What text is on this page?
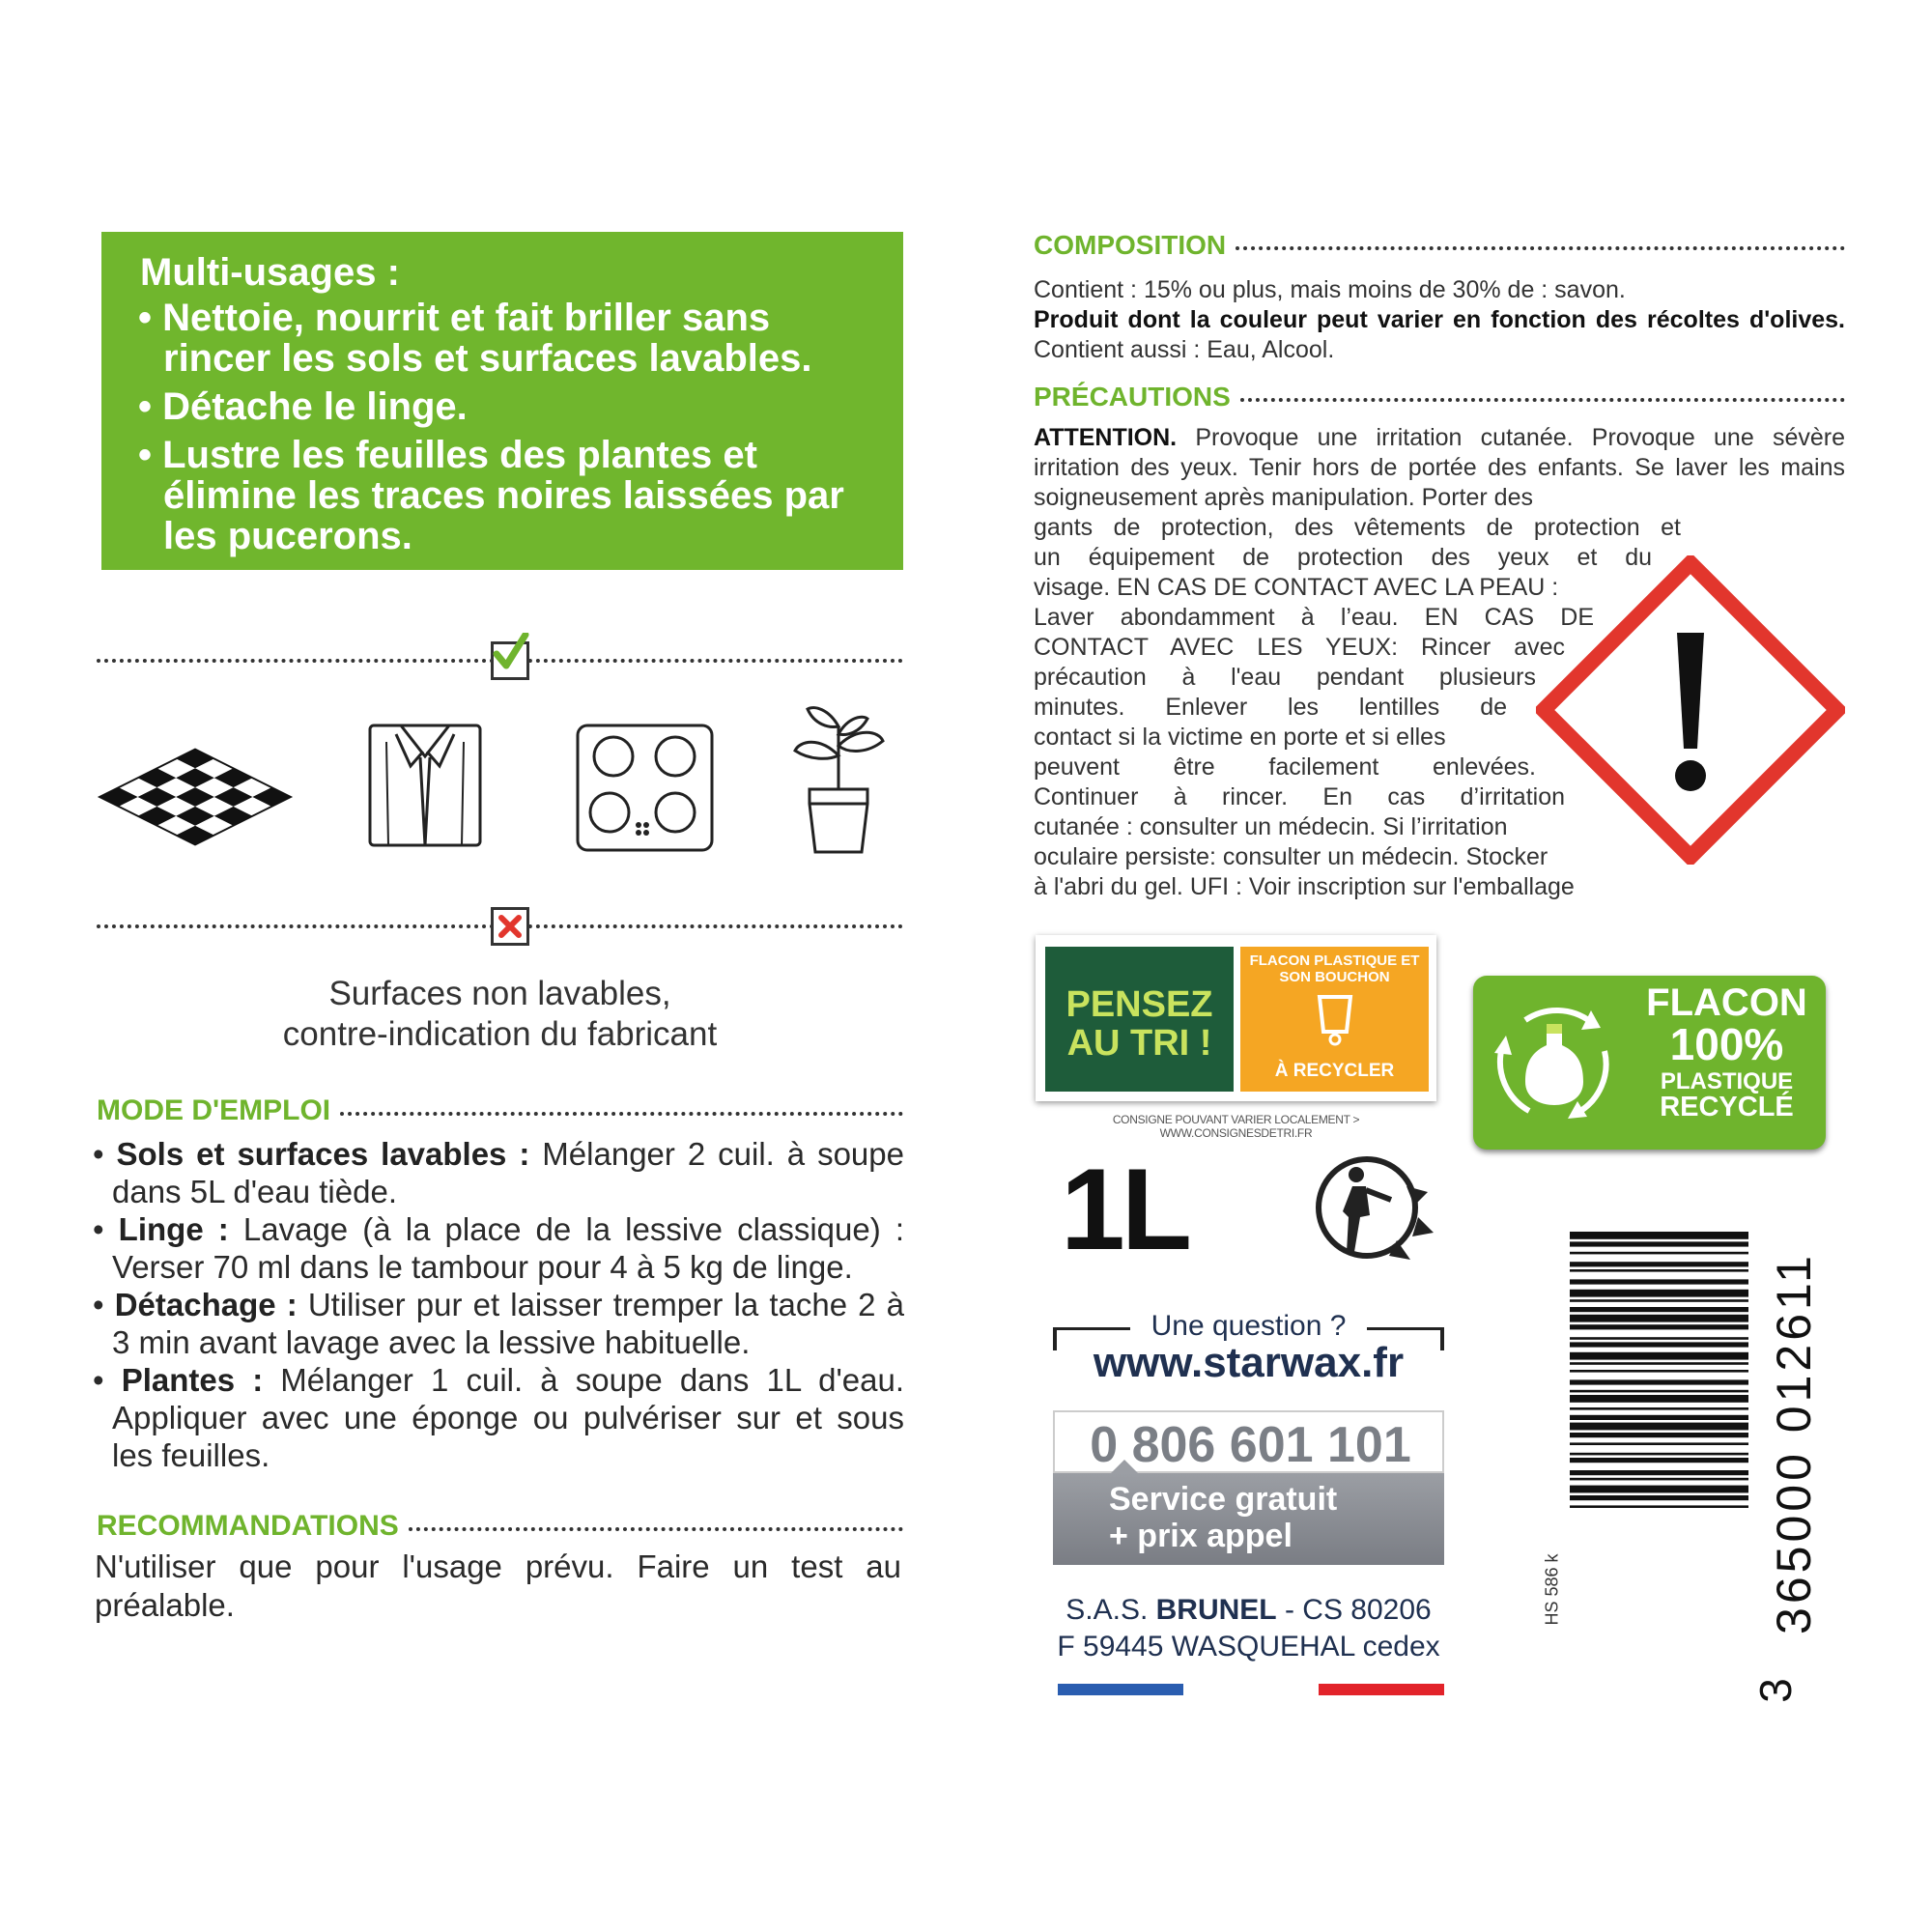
Multi-usages :
• Nettoie, nourrit et fait briller sans rincer les sols et surfaces lavables.
• Détache le linge.
• Lustre les feuilles des plantes et élimine les traces noires laissées par les pucerons.
Surfaces non lavables,
contre-indication du fabricant
MODE D'EMPLOI
• Sols et surfaces lavables : Mélanger 2 cuil. à soupe dans 5L d'eau tiède.
• Linge : Lavage (à la place de la lessive classique) : Verser 70 ml dans le tambour pour 4 à 5 kg de linge.
• Détachage : Utiliser pur et laisser tremper la tache 2 à 3 min avant lavage avec la lessive habituelle.
• Plantes : Mélanger 1 cuil. à soupe dans 1L d'eau. Appliquer avec une éponge ou pulvériser sur et sous les feuilles.
RECOMMANDATIONS
N'utiliser que pour l'usage prévu. Faire un test au préalable.
COMPOSITION
Contient : 15% ou plus, mais moins de 30% de : savon.
Produit dont la couleur peut varier en fonction des récoltes d'olives. Contient aussi : Eau, Alcool.
PRÉCAUTIONS
ATTENTION. Provoque une irritation cutanée. Provoque une sévère irritation des yeux. Tenir hors de portée des enfants. Se laver les mains soigneusement après manipulation. Porter des
gants de protection, des vêtements de protection et
un équipement de protection des yeux et du
visage. EN CAS DE CONTACT AVEC LA PEAU :
Laver abondamment à l’eau. EN CAS DE
CONTACT AVEC LES YEUX: Rincer avec
précaution à l'eau pendant plusieurs
minutes. Enlever les lentilles de
contact si la victime en porte et si elles
peuvent être facilement enlevées.
Continuer à rincer. En cas d’irritation
cutanée : consulter un médecin. Si l’irritation
oculaire persiste: consulter un médecin. Stocker
à l'abri du gel. UFI : Voir inscription sur l'emballage
PENSEZ AU TRI !
FLACON PLASTIQUE ET SON BOUCHON
À RECYCLER
CONSIGNE POUVANT VARIER LOCALEMENT > WWW.CONSIGNESDETRI.FR
FLACON
100%
PLASTIQUE
RECYCLÉ
1L
Une question ?
www.starwax.fr
0 806 601 101
Service gratuit
+ prix appel
S.A.S. BRUNEL - CS 80206
F 59445 WASQUEHAL cedex
365000 012611
3
HS 586 k
